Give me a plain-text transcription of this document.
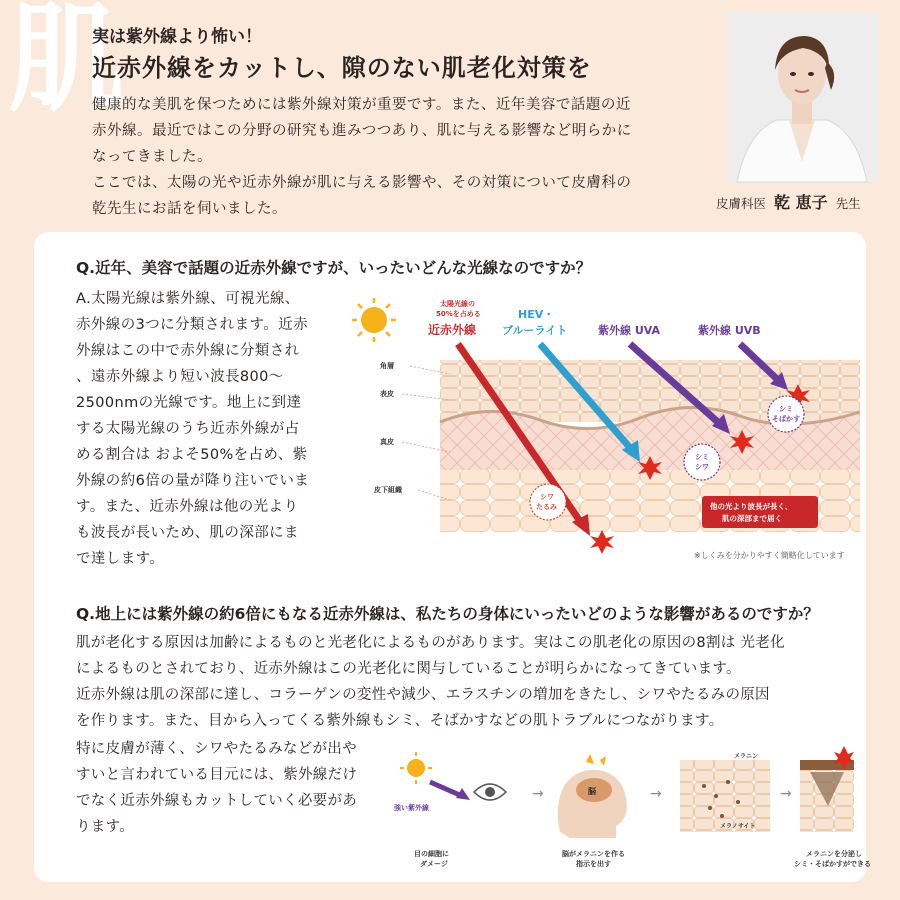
肌
実は紫外線より怖い！
近赤外線をカットし、隙のない肌老化対策を

健康的な美肌を保つためには紫外線対策が重要です。また、近年美容で話題の近

赤外線。最近ではこの分野の研究も進みつつあり、肌に与える影響など明らかに

なってきました。

ここでは、太陽の光や近赤外線が肌に与える影響や、その対策について皮膚科の

乾先生にお話を伺いました。	皮膚科医 乾 恵子 先生
Q.近年、美容で話題の近赤外線ですが、いったいどんな光線なのですか？
A.太陽光線は紫外線、可視光線、
赤外線の3つに分類されます。近赤
外線はこの中で赤外線に分類され
、遠赤外線より短い波長800〜
2500nmの光線です。地上に到達
する太陽光線のうち近赤外線が占
める割合は およそ50%を占め、紫
外線の約6倍の量が降り注いでいま
す。また、近赤外線は他の光より
も波長が長いため、肌の深部にま
で達します。
角層
表皮
真皮
皮下組織
太陽光線の
50%を占める
近赤外線
HEV・
ブルーライト	紫外線 UVA	紫外線 UVB
シワ
たるみ
シミ
シワ
シミ
そばかす
他の光より波長が長く、
肌の深部まで届く
※しくみを分かりやすく簡略化しています
Q.地上には紫外線の約6倍にもなる近赤外線は、私たちの身体にいったいどのような影響があるのですか？

肌が老化する原因は加齢によるものと光老化によるものがあります。実はこの肌老化の原因の8割は 光老化

によるものとされており、近赤外線はこの光老化に関与していることが明らかになってきています。

近赤外線は肌の深部に達し、コラーゲンの変性や減少、エラスチンの増加をきたし、シワやたるみの原因

を作ります。また、目から入ってくる紫外線もシミ、そばかすなどの肌トラブルにつながります。

特に皮膚が薄く、シワやたるみなどが出や
すいと言われている目元には、紫外線だけ
でなく近赤外線もカットしていく必要があ
ります。
強い紫外線
目の細胞に
ダメージ
→	脳
脳がメラニンを作る
指示を出す
→
メラニン
メラノサイト
→
メラニンを分泌し
シミ・そばかすができる
